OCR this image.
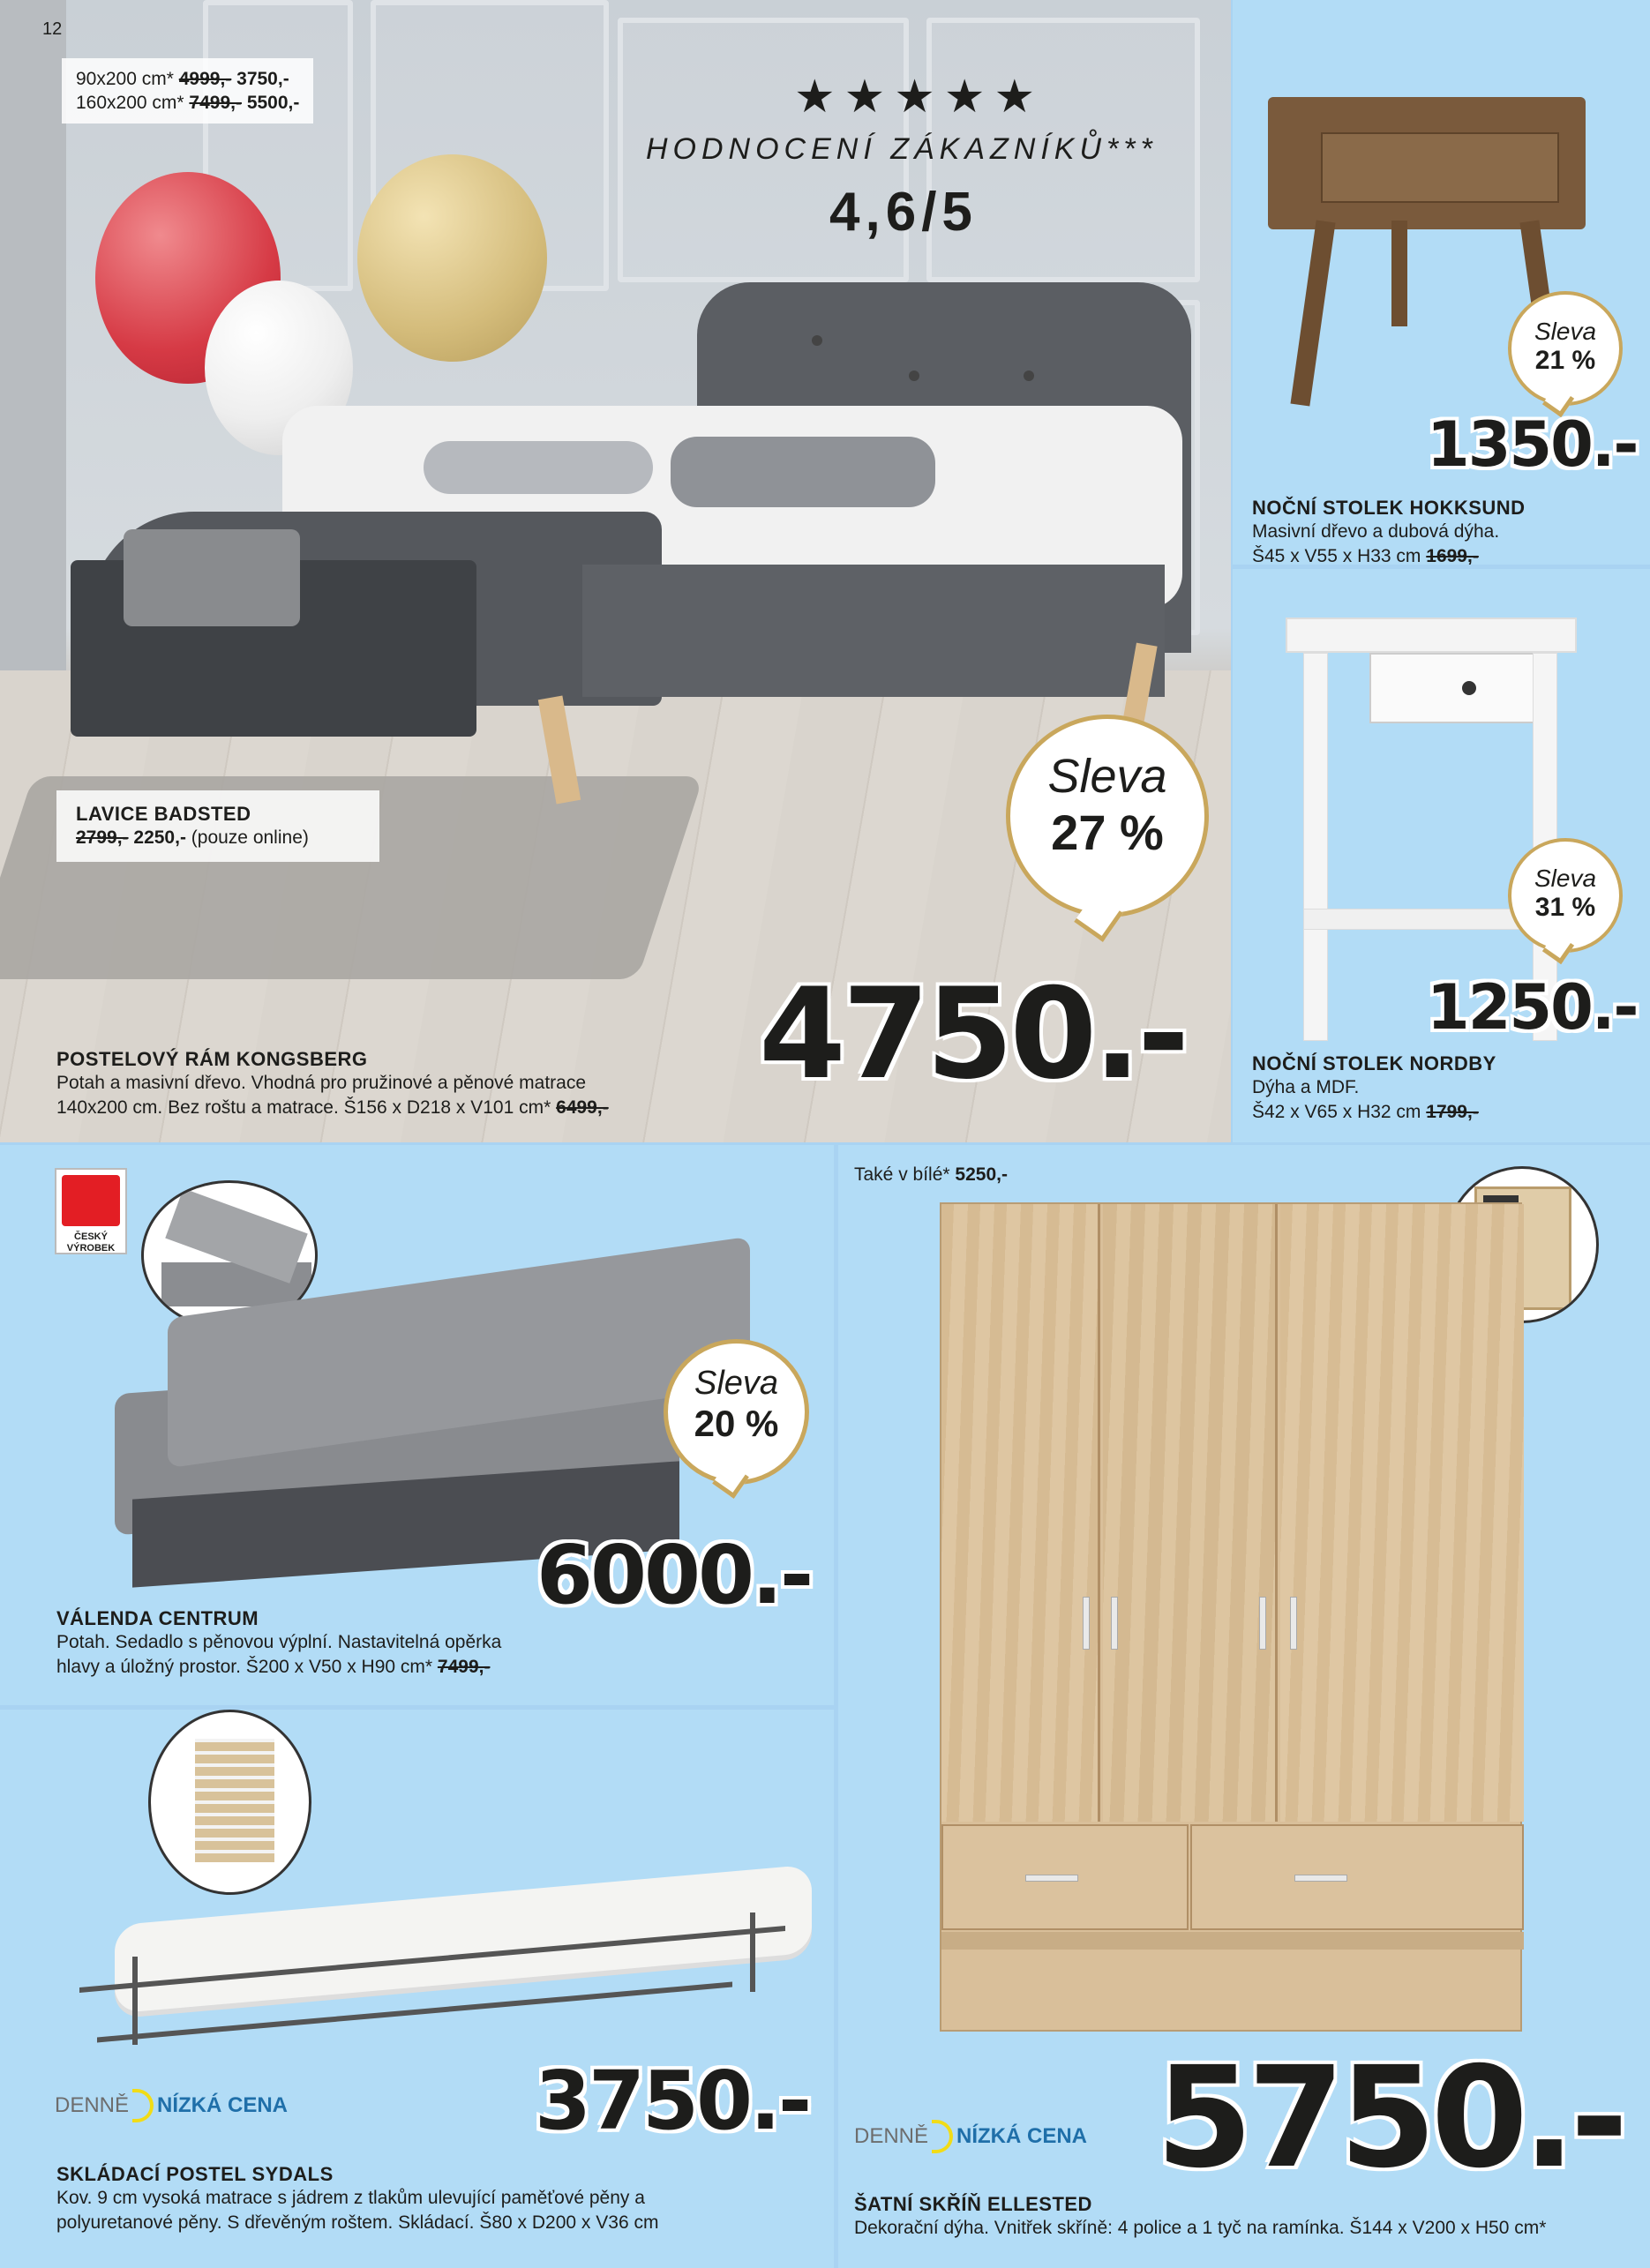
90x200 cm* 4999,- 3750,-
160x200 cm* 7499,- 5500,-	★★★★★
HODNOCENÍ ZÁKAZNÍKŮ***
4,6/5
LAVICE BADSTED
2799,- 2250,- (pouze online)
Sleva
27 %
POSTELOVÝ RÁM KONGSBERG
Potah a masivní dřevo. Vhodná pro pružinové a pěnové matrace
140x200 cm. Bez roštu a matrace. Š156 x D218 x V101 cm* 6499,-
4750.-
Sleva
21 %
1350.-
NOČNÍ STOLEK HOKKSUND
Masivní dřevo a dubová dýha.
Š45 x V55 x H33 cm 1699,-
Sleva
31 %
1250.-
NOČNÍ STOLEK NORDBY
Dýha a MDF.
Š42 x V65 x H32 cm 1799,-
ČESKÝ VÝROBEK
Sleva
20 %
6000.-
VÁLENDA CENTRUM
Potah. Sedadlo s pěnovou výplní. Nastavitelná opěrka
hlavy a úložný prostor. Š200 x V50 x H90 cm* 7499,-
DENNĚ NÍZKÁ CENA	3750.-
SKLÁDACÍ POSTEL SYDALS
Kov. 9 cm vysoká matrace s jádrem z tlakům ulevující paměťové pěny a
polyuretanové pěny. S dřevěným roštem. Skládací. Š80 x D200 x V36 cm
Také v bílé* 5250,-
DENNĚ NÍZKÁ CENA 5750.-
ŠATNÍ SKŘÍŇ ELLESTED
Dekorační dýha. Vnitřek skříně: 4 police a 1 tyč na ramínka. Š144 x V200 x H50 cm*
12
